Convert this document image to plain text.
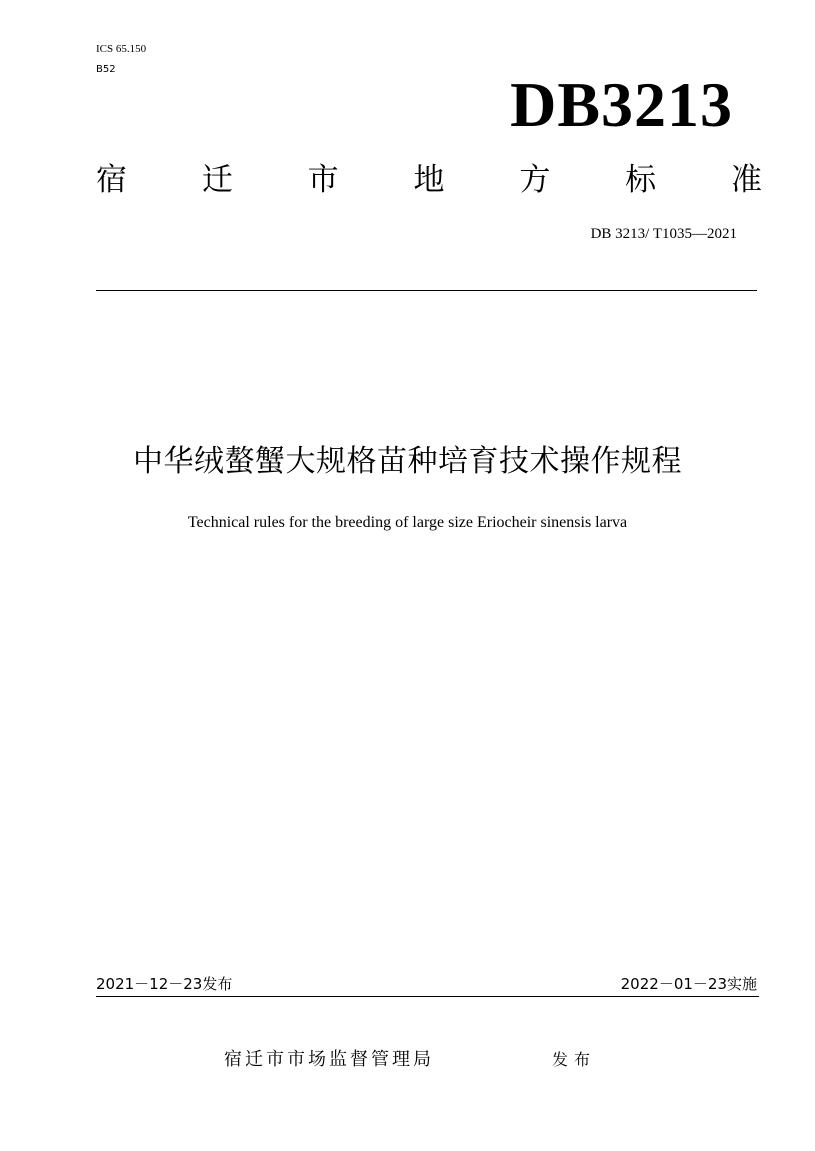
ICS 65.150
B52	DB3213
宿 迁 市 地 方 标 准
DB 3213/ T1035—2021
中华绒螯蟹大规格苗种培育技术操作规程
Technical rules for the breeding of large size Eriocheir sinensis larva
2021－12－23发布	2022－01－23实施
宿迁市市场监督管理局	发布
